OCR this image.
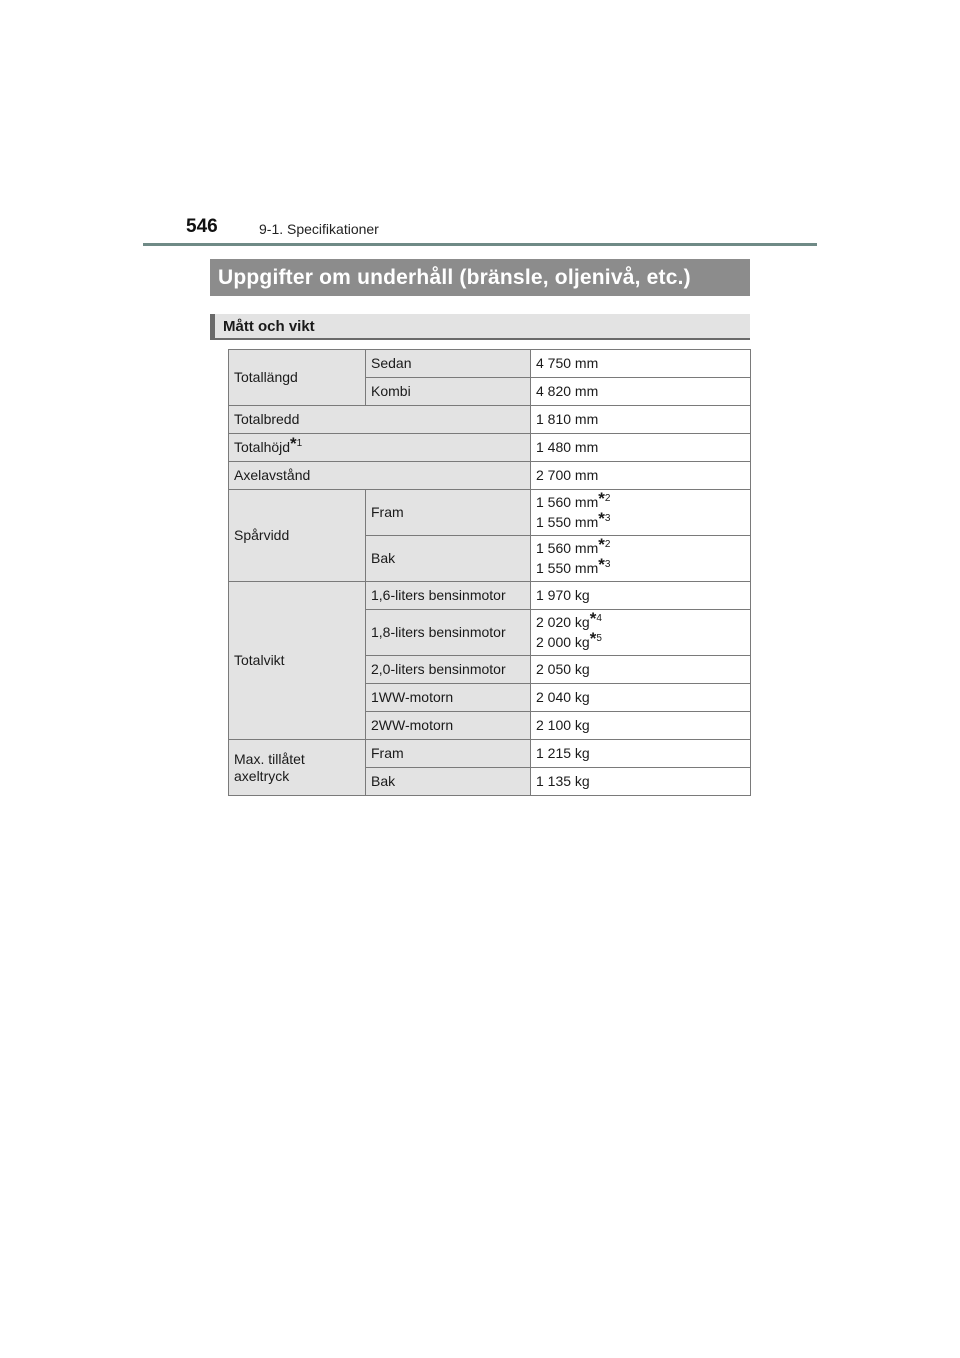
546	9-1. Specifikationer
Uppgifter om underhåll (bränsle, oljenivå, etc.)
Mått och vikt
Totallängd	Sedan	4 750 mm
	Kombi	4 820 mm
Totalbredd		1 810 mm
Totalhöjd*$^1$		1 480 mm
Axelavstånd		2 700 mm
Spårvidd	Fram	1 560 mm*$^2$
1 550 mm*$^3$

	Bak	1 560 mm*$^2$
1 550 mm*$^3$

Totalvikt	1,6-liters bensinmotor	1 970 kg
	1,8-liters bensinmotor	2 020 kg*$^4$
2 000 kg*$^5$

	2,0-liters bensinmotor	2 050 kg
	1WW-motorn	2 040 kg
	2WW-motorn	2 100 kg

Max. tillåtet
axeltryck	Fram	1 215 kg
	Bak	1 135 kg
